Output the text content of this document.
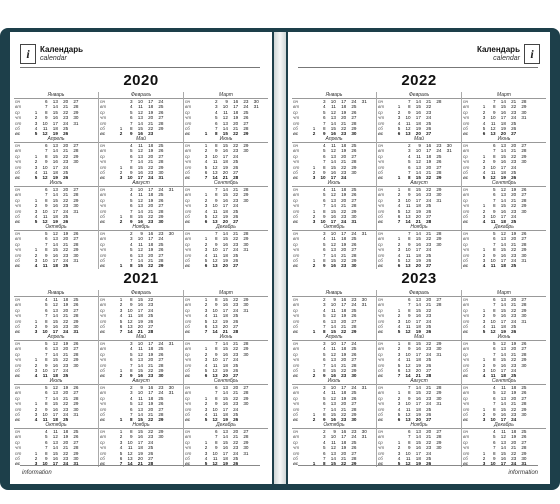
i	Календарь
calendar
2020
Январь
пн	6	13	20	27
вт	7	14	21	28
ср	1	8	15	22	29
чт	2	9	16	23	30
пт	3	10	17	24	31
сб	4	11	18	25
вс	5	12	19	26
Февраль
пн	3	10	17	24
вт	4	11	18	25
ср	5	12	19	26
чт	6	13	20	27
пт	7	14	21	28
сб	1	8	15	22	29
вс	2	9	16	23
Март
пн	2	9	16	23	30
вт	3	10	17	24	31
ср	4	11	18	25
чт	5	12	19	26
пт	6	13	20	27
сб	7	14	21	28
вс	1	8	15	22	29
Апрель
пн	6	13	20	27
вт	7	14	21	28
ср	1	8	15	22	29
чт	2	9	16	23	30
пт	3	10	17	24
сб	4	11	18	25
вс	5	12	19	26
Май
пн	4	11	18	25
вт	5	12	19	26
ср	6	13	20	27
чт	7	14	21	28
пт	1	8	15	22	29
сб	2	9	16	23	30
вс	3	10	17	24	31
Июнь
пн	1	8	15	22	29
вт	2	9	16	23	30
ср	3	10	17	24
чт	4	11	18	25
пт	5	12	19	26
сб	6	13	20	27
вс	7	14	21	28
Июль
пн	6	13	20	27
вт	7	14	21	28
ср	1	8	15	22	29
чт	2	9	16	23	30
пт	3	10	17	24	31
сб	4	11	18	25
вс	5	12	19	26
Август
пн	3	10	17	24	31
вт	4	11	18	25
ср	5	12	19	26
чт	6	13	20	27
пт	7	14	21	28
сб	1	8	15	22	29
вс	2	9	16	23	30
Сентябрь
пн	7	14	21	28
вт	1	8	15	22	29
ср	2	9	16	23	30
чт	3	10	17	24
пт	4	11	18	25
сб	5	12	19	26
вс	6	13	20	27
Октябрь
пн	5	12	19	26
вт	6	13	20	27
ср	7	14	21	28
чт	1	8	15	22	29
пт	2	9	16	23	30
сб	3	10	17	24	31
вс	4	11	18	25
Ноябрь
пн	2	9	16	23	30
вт	3	10	17	24
ср	4	11	18	25
чт	5	12	19	26
пт	6	13	20	27
сб	7	14	21	28
вс	1	8	15	22	29
Декабрь
пн	7	14	21	28
вт	1	8	15	22	29
ср	2	9	16	23	30
чт	3	10	17	24	31
пт	4	11	18	25
сб	5	12	19	26
вс	6	13	20	27
2021
Январь
пн	4	11	18	25
вт	5	12	19	26
ср	6	13	20	27
чт	7	14	21	28
пт	1	8	15	22	29
сб	2	9	16	23	30
вс	3	10	17	24	31
Февраль
пн	1	8	15	22
вт	2	9	16	23
ср	3	10	17	24
чт	4	11	18	25
пт	5	12	19	26
сб	6	13	20	27
вс	7	14	21	28
Март
пн	1	8	15	22	29
вт	2	9	16	23	30
ср	3	10	17	24	31
чт	4	11	18	25
пт	5	12	19	26
сб	6	13	20	27
вс	7	14	21	28
Апрель
пн	5	12	19	26
вт	6	13	20	27
ср	7	14	21	28
чт	1	8	15	22	29
пт	2	9	16	23	30
сб	3	10	17	24
вс	4	11	18	25
Май
пн	3	10	17	24	31
вт	4	11	18	25
ср	5	12	19	26
чт	6	13	20	27
пт	7	14	21	28
сб	1	8	15	22	29
вс	2	9	16	23	30
Июнь
пн	7	14	21	28
вт	1	8	15	22	29
ср	2	9	16	23	30
чт	3	10	17	24
пт	4	11	18	25
сб	5	12	19	26
вс	6	13	20	27
Июль
пн	5	12	19	26
вт	6	13	20	27
ср	7	14	21	28
чт	1	8	15	22	29
пт	2	9	16	23	30
сб	3	10	17	24	31
вс	4	11	18	25
Август
пн	2	9	16	23	30
вт	3	10	17	24	31
ср	4	11	18	25
чт	5	12	19	26
пт	6	13	20	27
сб	7	14	21	28
вс	1	8	15	22	29
Сентябрь
пн	6	13	20	27
вт	7	14	21	28
ср	1	8	15	22	29
чт	2	9	16	23	30
пт	3	10	17	24
сб	4	11	18	25
вс	5	12	19	26
Октябрь
пн	4	11	18	25
вт	5	12	19	26
ср	6	13	20	27
чт	7	14	21	28
пт	1	8	15	22	29
сб	2	9	16	23	30
вс	3	10	17	24	31
Ноябрь
пн	1	8	15	22	29
вт	2	9	16	23	30
ср	3	10	17	24
чт	4	11	18	25
пт	5	12	19	26
сб	6	13	20	27
вс	7	14	21	28
Декабрь
пн	6	13	20	27
вт	7	14	21	28
ср	1	8	15	22	29
чт	2	9	16	23	30
пт	3	10	17	24	31
сб	4	11	18	25
вс	5	12	19	26
information
i
Календарь
calendar
2022
Январь
пн	3	10	17	24	31
вт	4	11	18	25
ср	5	12	19	26
чт	6	13	20	27
пт	7	14	21	28
сб	1	8	15	22	29
вс	2	9	16	23	30
Февраль
пн	7	14	21	28
вт	1	8	15	22
ср	2	9	16	23
чт	3	10	17	24
пт	4	11	18	25
сб	5	12	19	26
вс	6	13	20	27
Март
пн	7	14	21	28
вт	1	8	15	22	29
ср	2	9	16	23	30
чт	3	10	17	24	31
пт	4	11	18	25
сб	5	12	19	26
вс	6	13	20	27
Апрель
пн	4	11	18	25
вт	5	12	19	26
ср	6	13	20	27
чт	7	14	21	28
пт	1	8	15	22	29
сб	2	9	16	23	30
вс	3	10	17	24
Май
пн	2	9	16	23	30
вт	3	10	17	24	31
ср	4	11	18	25
чт	5	12	19	26
пт	6	13	20	27
сб	7	14	21	28
вс	1	8	15	22	29
Июнь
пн	6	13	20	27
вт	7	14	21	28
ср	1	8	15	22	29
чт	2	9	16	23	30
пт	3	10	17	24
сб	4	11	18	25
вс	5	12	19	26
Июль
пн	4	11	18	25
вт	5	12	19	26
ср	6	13	20	27
чт	7	14	21	28
пт	1	8	15	22	29
сб	2	9	16	23	30
вс	3	10	17	24	31
Август
пн	1	8	15	22	29
вт	2	9	16	23	30
ср	3	10	17	24	31
чт	4	11	18	25
пт	5	12	19	26
сб	6	13	20	27
вс	7	14	21	28
Сентябрь
пн	5	12	19	26
вт	6	13	20	27
ср	7	14	21	28
чт	1	8	15	22	29
пт	2	9	16	23	30
сб	3	10	17	24
вс	4	11	18	25
Октябрь
пн	3	10	17	24	31
вт	4	11	18	25
ср	5	12	19	26
чт	6	13	20	27
пт	7	14	21	28
сб	1	8	15	22	29
вс	2	9	16	23	30
Ноябрь
пн	7	14	21	28
вт	1	8	15	22	29
ср	2	9	16	23	30
чт	3	10	17	24
пт	4	11	18	25
сб	5	12	19	26
вс	6	13	20	27
Декабрь
пн	5	12	19	26
вт	6	13	20	27
ср	7	14	21	28
чт	1	8	15	22	29
пт	2	9	16	23	30
сб	3	10	17	24	31
вс	4	11	18	25
2023
Январь
пн	2	9	16	23	30
вт	3	10	17	24	31
ср	4	11	18	25
чт	5	12	19	26
пт	6	13	20	27
сб	7	14	21	28
вс	1	8	15	22	29
Февраль
пн	6	13	20	27
вт	7	14	21	28
ср	1	8	15	22
чт	2	9	16	23
пт	3	10	17	24
сб	4	11	18	25
вс	5	12	19	26
Март
пн	6	13	20	27
вт	7	14	21	28
ср	1	8	15	22	29
чт	2	9	16	23	30
пт	3	10	17	24	31
сб	4	11	18	25
вс	5	12	19	26
Апрель
пн	3	10	17	24
вт	4	11	18	25
ср	5	12	19	26
чт	6	13	20	27
пт	7	14	21	28
сб	1	8	15	22	29
вс	2	9	16	23	30
Май
пн	1	8	15	22	29
вт	2	9	16	23	30
ср	3	10	17	24	31
чт	4	11	18	25
пт	5	12	19	26
сб	6	13	20	27
вс	7	14	21	28
Июнь
пн	5	12	19	26
вт	6	13	20	27
ср	7	14	21	28
чт	1	8	15	22	29
пт	2	9	16	23	30
сб	3	10	17	24
вс	4	11	18	25
Июль
пн	3	10	17	24	31
вт	4	11	18	25
ср	5	12	19	26
чт	6	13	20	27
пт	7	14	21	28
сб	1	8	15	22	29
вс	2	9	16	23	30
Август
пн	7	14	21	28
вт	1	8	15	22	29
ср	2	9	16	23	30
чт	3	10	17	24	31
пт	4	11	18	25
сб	5	12	19	26
вс	6	13	20	27
Сентябрь
пн	4	11	18	25
вт	5	12	19	26
ср	6	13	20	27
чт	7	14	21	28
пт	1	8	15	22	29
сб	2	9	16	23	30
вс	3	10	17	24
Октябрь
пн	2	9	16	23	30
вт	3	10	17	24	31
ср	4	11	18	25
чт	5	12	19	26
пт	6	13	20	27
сб	7	14	21	28
вс	1	8	15	22	29
Ноябрь
пн	6	13	20	27
вт	7	14	21	28
ср	1	8	15	22	29
чт	2	9	16	23	30
пт	3	10	17	24
сб	4	11	18	25
вс	5	12	19	26
Декабрь
пн	4	11	18	25
вт	5	12	19	26
ср	6	13	20	27
чт	7	14	21	28
пт	1	8	15	22	29
сб	2	9	16	23	30
вс	3	10	17	24	31
information
